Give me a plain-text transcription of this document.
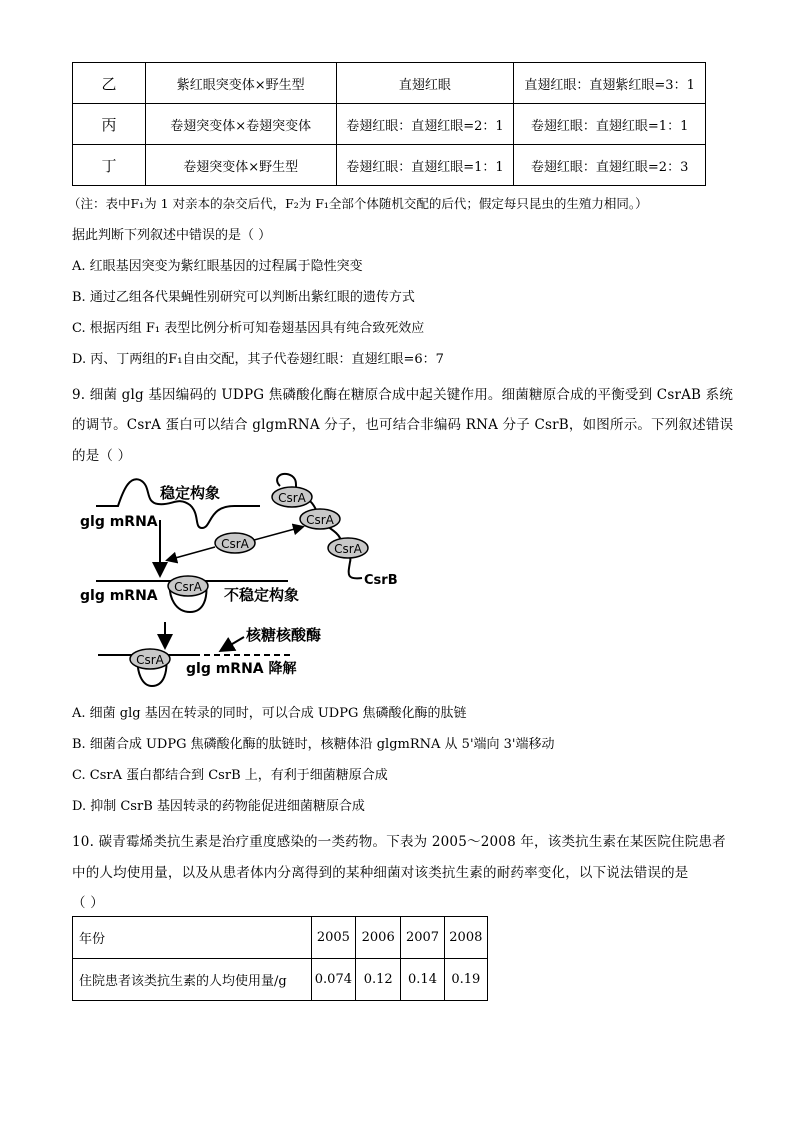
乙	紫红眼突变体×野生型	直翅红眼	直翅红眼：直翅紫红眼=3：1
丙	卷翅突变体×卷翅突变体	卷翅红眼：直翅红眼=2：1	卷翅红眼：直翅红眼=1：1
丁	卷翅突变体×野生型	卷翅红眼：直翅红眼=1：1	卷翅红眼：直翅红眼=2：3
（注：表中F₁为 1 对亲本的杂交后代，F₂为 F₁全部个体随机交配的后代；假定每只昆虫的生殖力相同。）
据此判断下列叙述中错误的是（ ）
A. 红眼基因突变为紫红眼基因的过程属于隐性突变
B. 通过乙组各代果蝇性别研究可以判断出紫红眼的遗传方式
C. 根据丙组 F₁ 表型比例分析可知卷翅基因具有纯合致死效应
D. 丙、丁两组的F₁自由交配，其子代卷翅红眼：直翅红眼=6：7
9. 细菌 glg 基因编码的 UDPG 焦磷酸化酶在糖原合成中起关键作用。细菌糖原合成的平衡受到 CsrAB 系统
的调节。CsrA 蛋白可以结合 glgmRNA 分子，也可结合非编码 RNA 分子 CsrB，如图所示。下列叙述错误
的是（ ）
稳定构象
glg mRNA
CsrA
CsrA
CsrA
CsrA
CsrB
CsrA
glg mRNA	不稳定构象
CsrA
核糖核酸酶
glg mRNA 降解
A. 细菌 glg 基因在转录的同时，可以合成 UDPG 焦磷酸化酶的肽链
B. 细菌合成 UDPG 焦磷酸化酶的肽链时，核糖体沿 glgmRNA 从 5'端向 3'端移动
C. CsrA 蛋白都结合到 CsrB 上，有利于细菌糖原合成
D. 抑制 CsrB 基因转录的药物能促进细菌糖原合成
10. 碳青霉烯类抗生素是治疗重度感染的一类药物。下表为 2005～2008 年，该类抗生素在某医院住院患者
中的人均使用量，以及从患者体内分离得到的某种细菌对该类抗生素的耐药率变化，以下说法错误的是
（ ）
年份	2005	2006	2007	2008
住院患者该类抗生素的人均使用量/g	0.074	0.12	0.14	0.19
